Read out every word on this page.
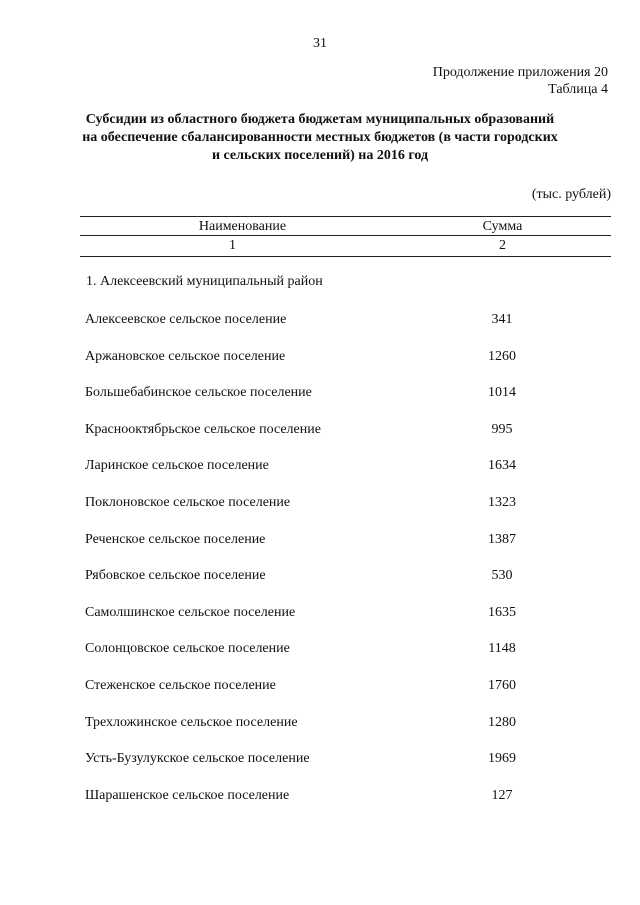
31
Продолжение приложения 20
Таблица 4
Субсидии из областного бюджета бюджетам муниципальных образований
на обеспечение сбалансированности местных бюджетов (в части городских
и сельских поселений) на 2016 год
(тыс. рублей)
Наименование	Сумма
1	2
1. Алексеевский муниципальный район
Алексеевское сельское поселение	341
Аржановское сельское поселение	1260
Большебабинское сельское поселение	1014
Краснооктябрьское сельское поселение	995
Ларинское сельское поселение	1634
Поклоновское сельское поселение	1323
Реченское сельское поселение	1387
Рябовское сельское поселение	530
Самолшинское сельское поселение	1635
Солонцовское сельское поселение	1148
Стеженское сельское поселение	1760
Трехложинское сельское поселение	1280
Усть-Бузулукское сельское поселение	1969
Шарашенское сельское поселение	127
